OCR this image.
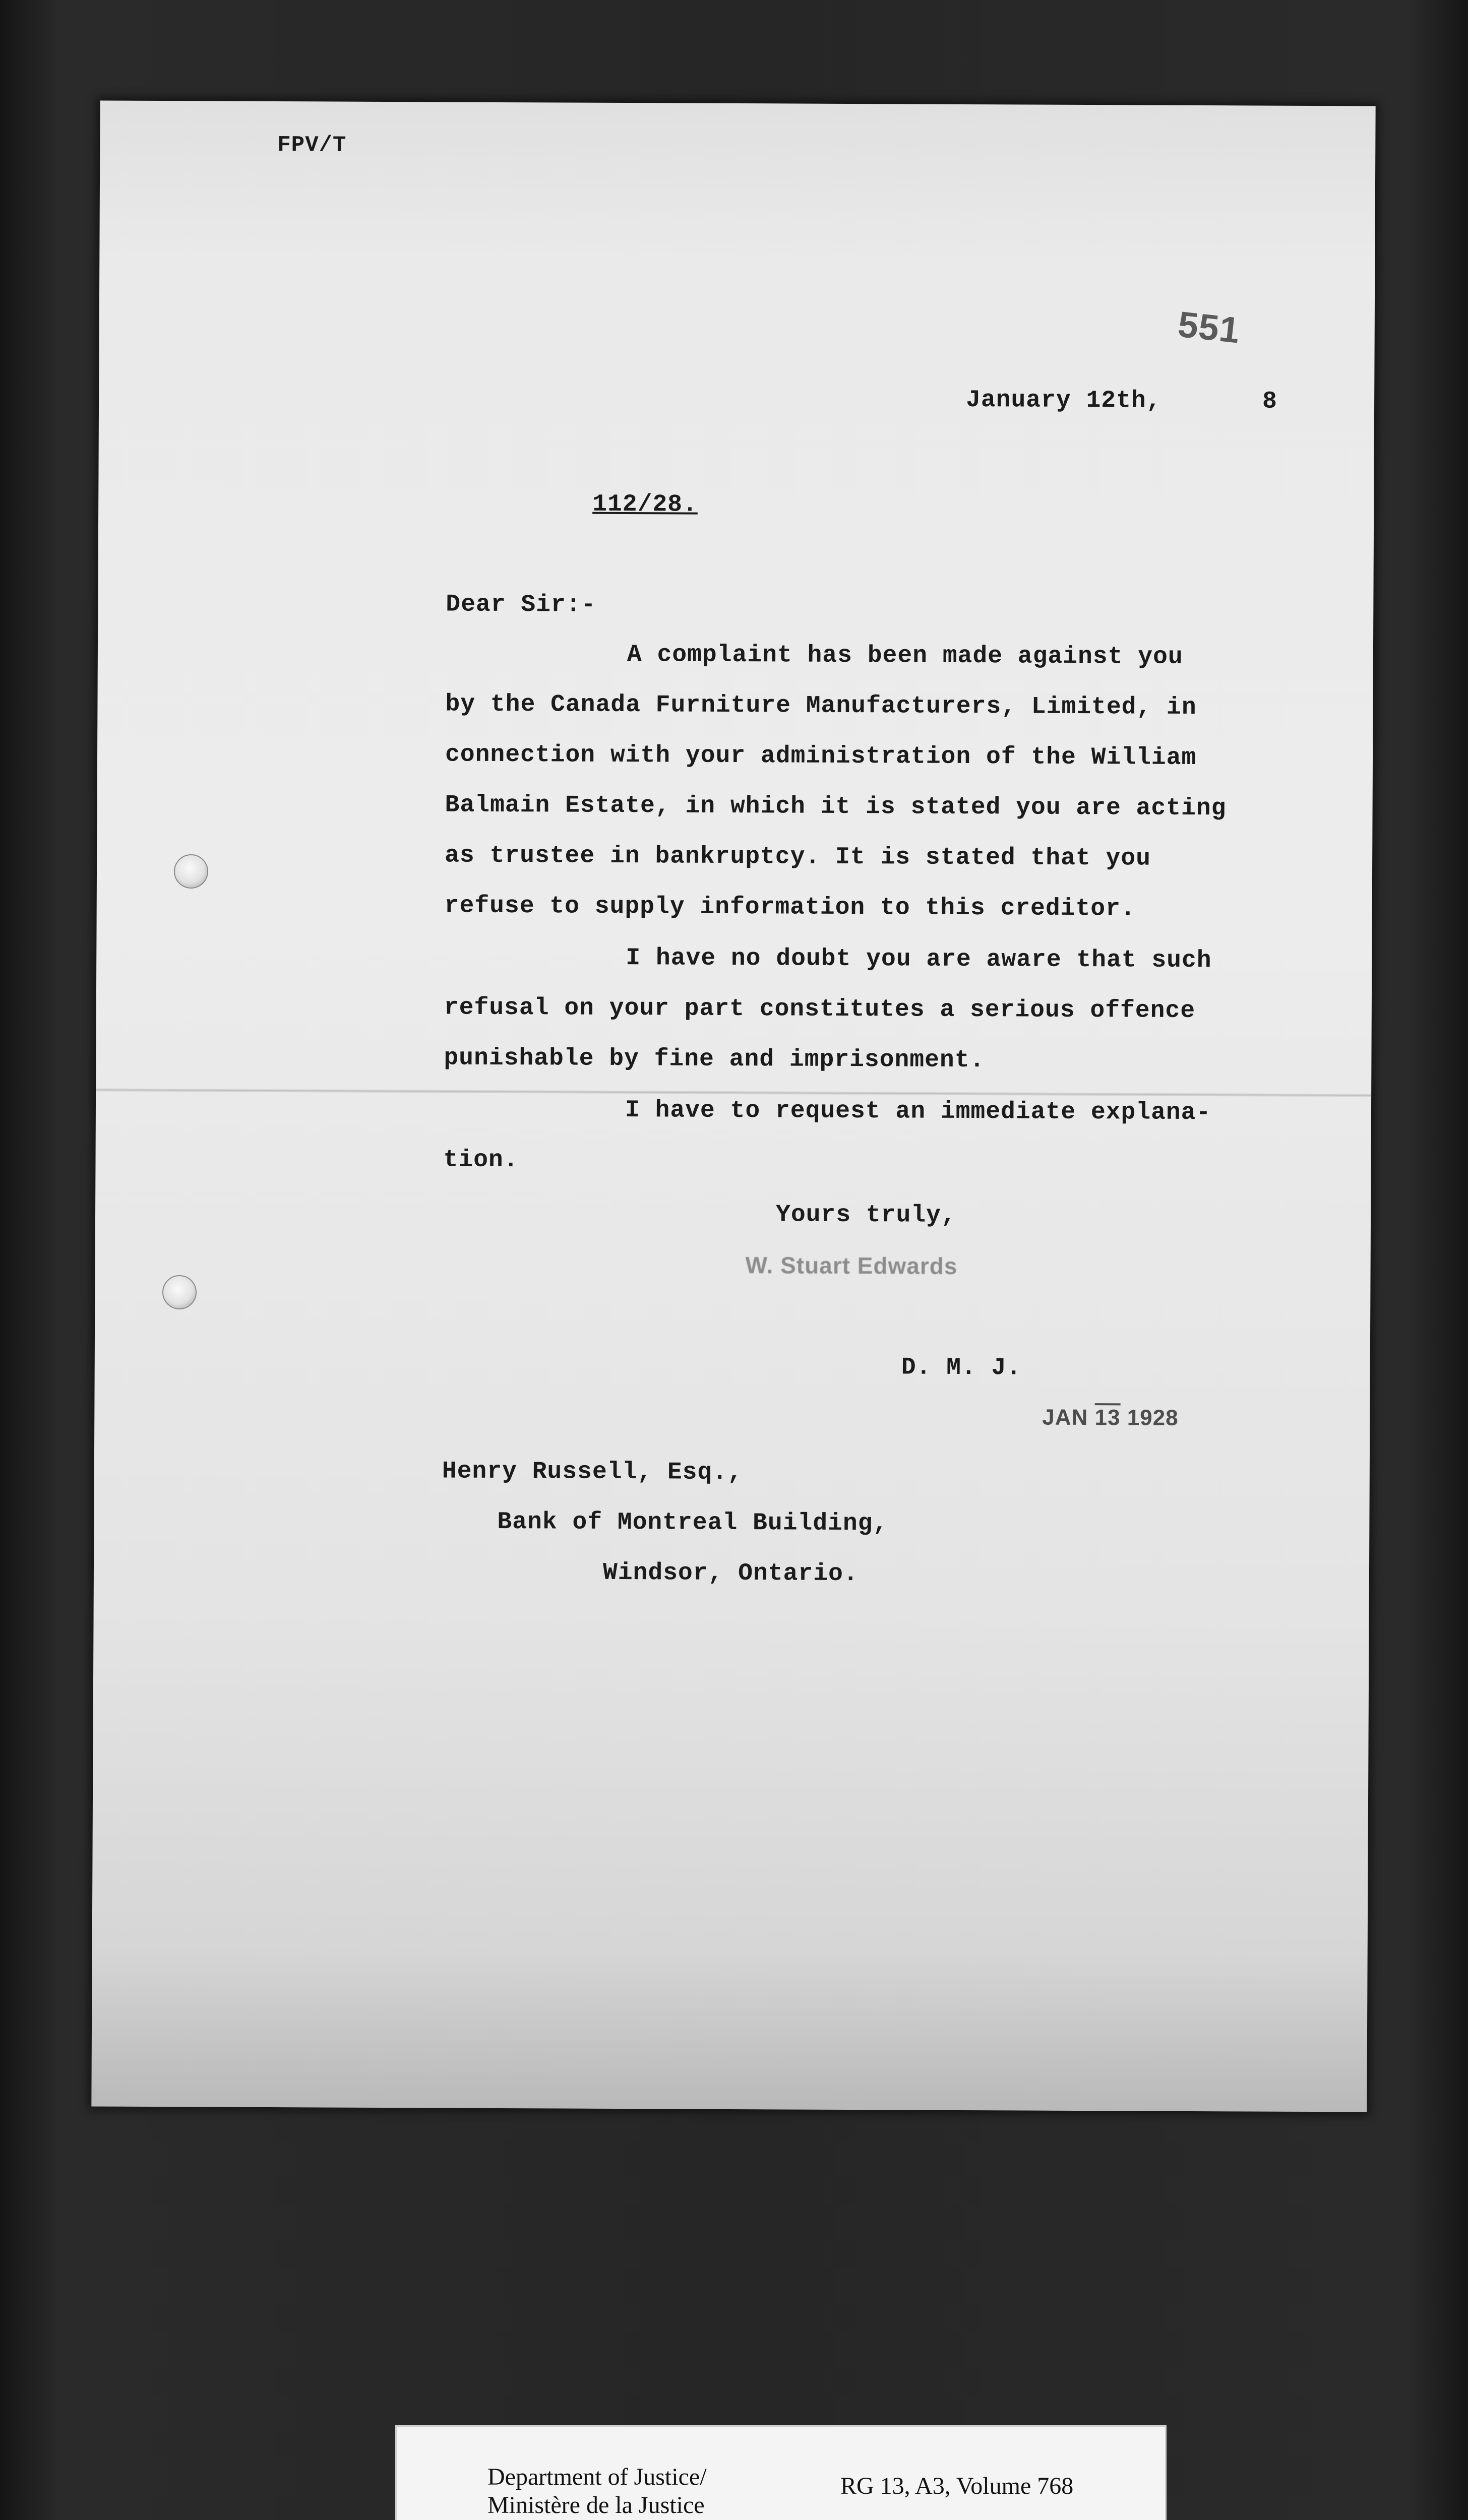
FPV/T
551
January 12th,	8
112/28.
Dear Sir:-
A complaint has been made against you
by the Canada Furniture Manufacturers, Limited, in
connection with your administration of the William
Balmain Estate, in which it is stated you are acting
as trustee in bankruptcy. It is stated that you
refuse to supply information to this creditor.
I have no doubt you are aware that such
refusal on your part constitutes a serious offence
punishable by fine and imprisonment.
I have to request an immediate explana-
tion.
Yours truly,
W. Stuart Edwards
D. M. J.
JAN 13 1928
Henry Russell, Esq.,
Bank of Montreal Building,
Windsor, Ontario.
Department of Justice/
Ministère de la Justice
RG 13, A3, Volume 768
